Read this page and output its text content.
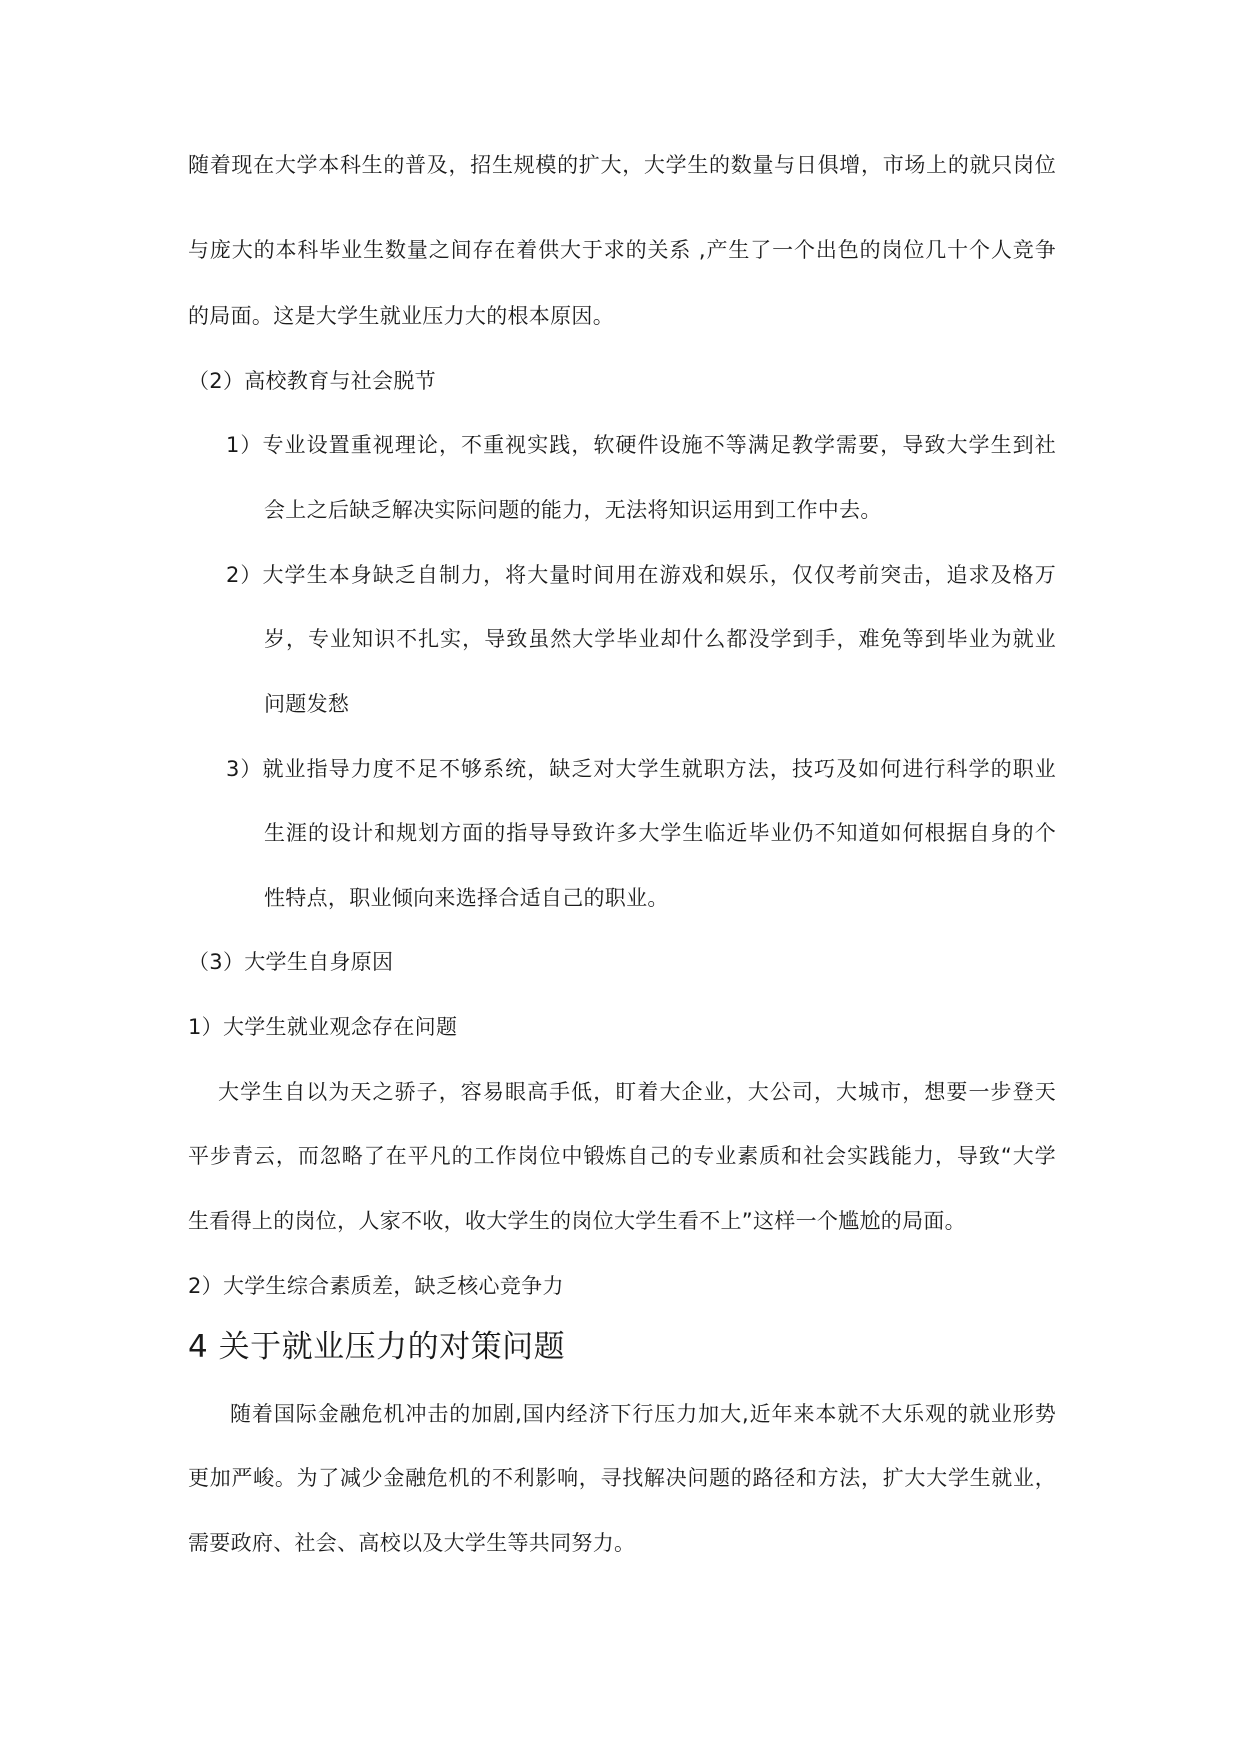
随着现在大学本科生的普及，招生规模的扩大，大学生的数量与日俱增，市场上的就只岗位
与庞大的本科毕业生数量之间存在着供大于求的关系 ,产生了一个出色的岗位几十个人竞争
的局面。这是大学生就业压力大的根本原因。
（2）高校教育与社会脱节
1）专业设置重视理论，不重视实践，软硬件设施不等满足教学需要，导致大学生到社
会上之后缺乏解决实际问题的能力，无法将知识运用到工作中去。
2）大学生本身缺乏自制力，将大量时间用在游戏和娱乐，仅仅考前突击，追求及格万
岁，专业知识不扎实，导致虽然大学毕业却什么都没学到手，难免等到毕业为就业
问题发愁
3）就业指导力度不足不够系统，缺乏对大学生就职方法，技巧及如何进行科学的职业
生涯的设计和规划方面的指导导致许多大学生临近毕业仍不知道如何根据自身的个
性特点，职业倾向来选择合适自己的职业。
（3）大学生自身原因
1）大学生就业观念存在问题
大学生自以为天之骄子，容易眼高手低，盯着大企业，大公司，大城市，想要一步登天
平步青云，而忽略了在平凡的工作岗位中锻炼自己的专业素质和社会实践能力，导致“大学
生看得上的岗位，人家不收，收大学生的岗位大学生看不上”这样一个尴尬的局面。
2）大学生综合素质差，缺乏核心竞争力
4 关于就业压力的对策问题
随着国际金融危机冲击的加剧,国内经济下行压力加大,近年来本就不大乐观的就业形势
更加严峻。为了减少金融危机的不利影响，寻找解决问题的路径和方法，扩大大学生就业，
需要政府、社会、高校以及大学生等共同努力。
